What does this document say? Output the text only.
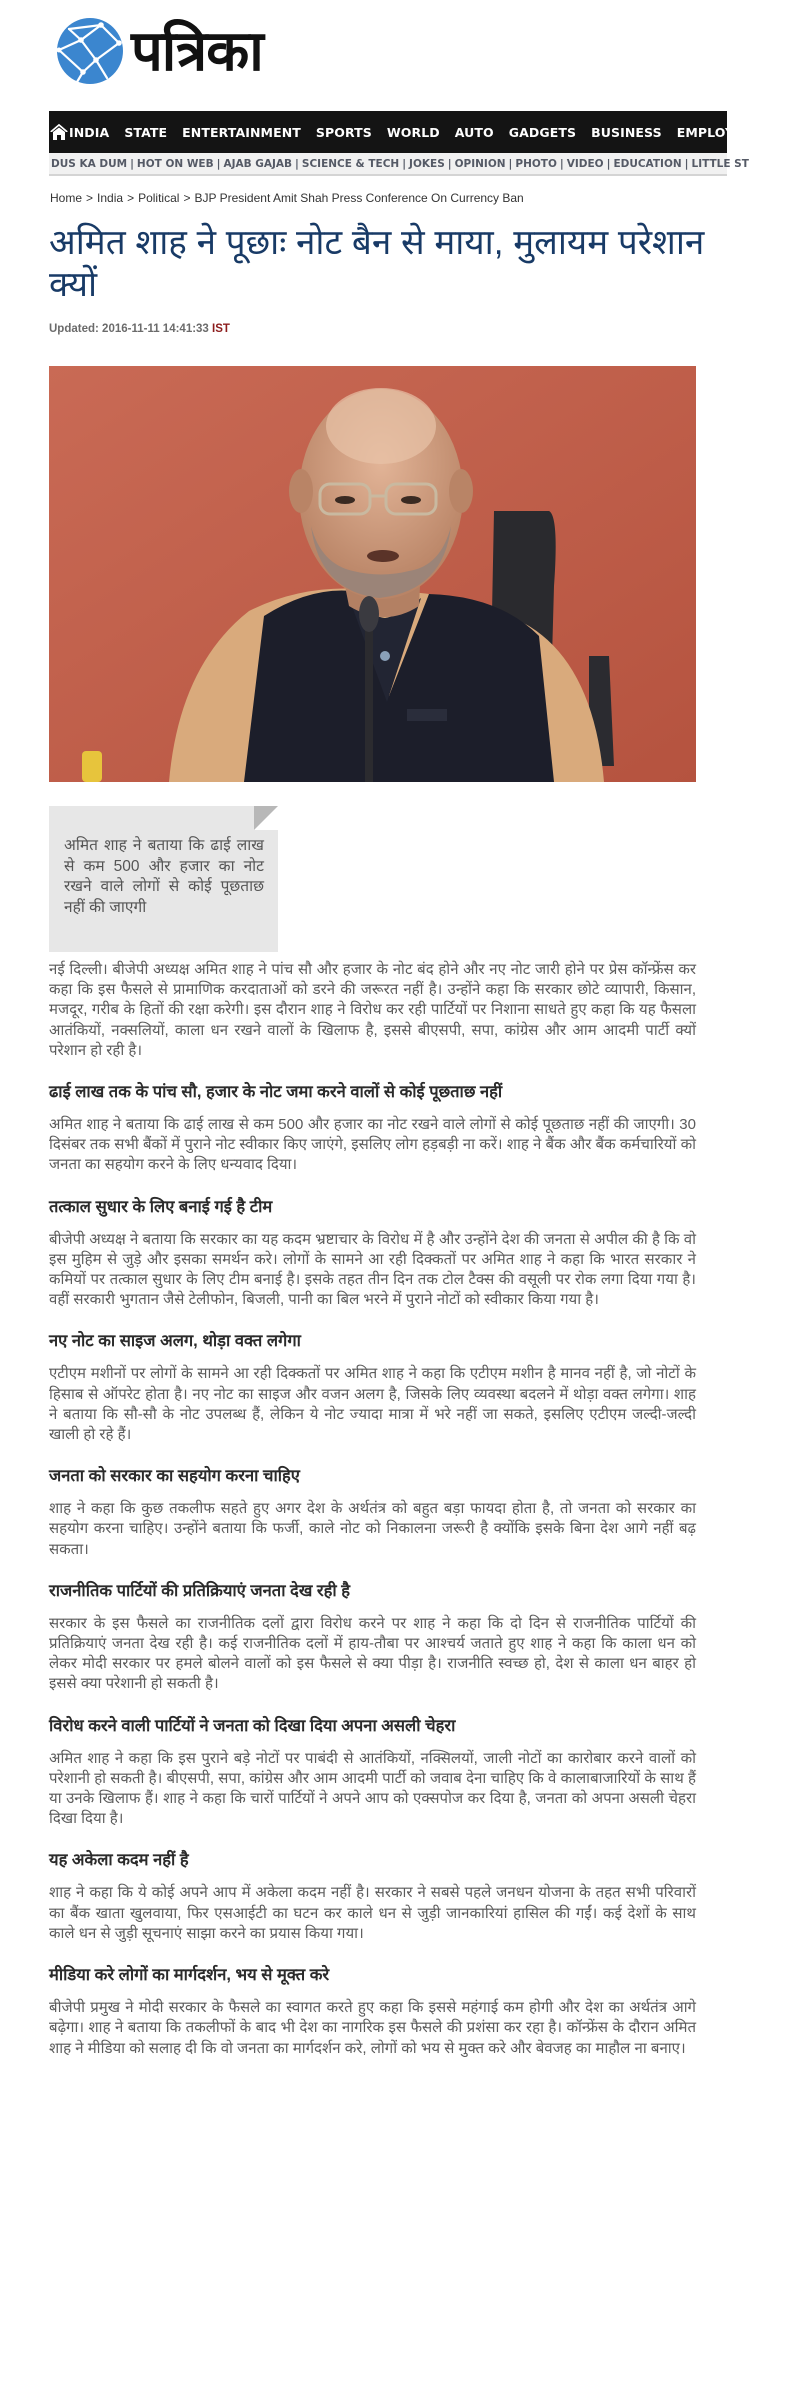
पत्रिका
INDIA STATE ENTERTAINMENT SPORTS WORLD AUTO GADGETS BUSINESS EMPLOYEE
DUS KA DUM | HOT ON WEB | AJAB GAJAB | SCIENCE & TECH | JOKES | OPINION | PHOTO | VIDEO | EDUCATION | LITTLE ST
Home > India > Political > BJP President Amit Shah Press Conference On Currency Ban
अमित शाह ने पूछाः नोट बैन से माया, मुलायम परेशान क्यों
Updated: 2016-11-11 14:41:33 IST

अमित शाह ने बताया कि ढाई लाख से कम 500 और हजार का नोट रखने वाले लोगों से कोई पूछताछ नहीं की जाएगी

नई दिल्ली। बीजेपी अध्यक्ष अमित शाह ने पांच सौ और हजार के नोट बंद होने और नए नोट जारी होने पर प्रेस कॉन्फ्रेंस कर कहा कि इस फैसले से प्रामाणिक करदाताओं को डरने की जरूरत नहीं है। उन्होंने कहा कि सरकार छोटे व्यापारी, किसान, मजदूर, गरीब के हितों की रक्षा करेगी। इस दौरान शाह ने विरोध कर रही पार्टियों पर निशाना साधते हुए कहा कि यह फैसला आतंकियों, नक्सलियों, काला धन रखने वालों के खिलाफ है, इससे बीएसपी, सपा, कांग्रेस और आम आदमी पार्टी क्यों परेशान हो रही है।

ढाई लाख तक के पांच सौ, हजार के नोट जमा करने वालों से कोई पूछताछ नहीं

अमित शाह ने बताया कि ढाई लाख से कम 500 और हजार का नोट रखने वाले लोगों से कोई पूछताछ नहीं की जाएगी। 30 दिसंबर तक सभी बैंकों में पुराने नोट स्वीकार किए जाएंगे, इसलिए लोग हड़बड़ी ना करें। शाह ने बैंक और बैंक कर्मचारियों को जनता का सहयोग करने के लिए धन्यवाद दिया।

तत्काल सुधार के लिए बनाई गई है टीम

बीजेपी अध्यक्ष ने बताया कि सरकार का यह कदम भ्रष्टाचार के विरोध में है और उन्होंने देश की जनता से अपील की है कि वो इस मुहिम से जुड़े और इसका समर्थन करे। लोगों के सामने आ रही दिक्कतों पर अमित शाह ने कहा कि भारत सरकार ने कमियों पर तत्काल सुधार के लिए टीम बनाई है। इसके तहत तीन दिन तक टोल टैक्स की वसूली पर रोक लगा दिया गया है। वहीं सरकारी भुगतान जैसे टेलीफोन, बिजली, पानी का बिल भरने में पुराने नोटों को स्वीकार किया गया है।

नए नोट का साइज अलग, थोड़ा वक्त लगेगा

एटीएम मशीनों पर लोगों के सामने आ रही दिक्कतों पर अमित शाह ने कहा कि एटीएम मशीन है मानव नहीं है, जो नोटों के हिसाब से ऑपरेट होता है। नए नोट का साइज और वजन अलग है, जिसके लिए व्यवस्था बदलने में थोड़ा वक्त लगेगा। शाह ने बताया कि सौ-सौ के नोट उपलब्ध हैं, लेकिन ये नोट ज्यादा मात्रा में भरे नहीं जा सकते, इसलिए एटीएम जल्दी-जल्दी खाली हो रहे हैं।

जनता को सरकार का सहयोग करना चाहिए

शाह ने कहा कि कुछ तकलीफ सहते हुए अगर देश के अर्थतंत्र को बहुत बड़ा फायदा होता है, तो जनता को सरकार का सहयोग करना चाहिए। उन्होंने बताया कि फर्जी, काले नोट को निकालना जरूरी है क्योंकि इसके बिना देश आगे नहीं बढ़ सकता।

राजनीतिक पार्टियों की प्रतिक्रियाएं जनता देख रही है

सरकार के इस फैसले का राजनीतिक दलों द्वारा विरोध करने पर शाह ने कहा कि दो दिन से राजनीतिक पार्टियों की प्रतिक्रियाएं जनता देख रही है। कई राजनीतिक दलों में हाय-तौबा पर आश्चर्य जताते हुए शाह ने कहा कि काला धन को लेकर मोदी सरकार पर हमले बोलने वालों को इस फैसले से क्या पीड़ा है। राजनीति स्वच्छ हो, देश से काला धन बाहर हो इससे क्या परेशानी हो सकती है।

विरोध करने वाली पार्टियों ने जनता को दिखा दिया अपना असली चेहरा

अमित शाह ने कहा कि इस पुराने बड़े नोटों पर पाबंदी से आतंकियों, नक्सिलयों, जाली नोटों का कारोबार करने वालों को परेशानी हो सकती है। बीएसपी, सपा, कांग्रेस और आम आदमी पार्टी को जवाब देना चाहिए कि वे कालाबाजारियों के साथ हैं या उनके खिलाफ हैं। शाह ने कहा कि चारों पार्टियों ने अपने आप को एक्सपोज कर दिया है, जनता को अपना असली चेहरा दिखा दिया है।

यह अकेला कदम नहीं है

शाह ने कहा कि ये कोई अपने आप में अकेला कदम नहीं है। सरकार ने सबसे पहले जनधन योजना के तहत सभी परिवारों का बैंक खाता खुलवाया, फिर एसआईटी का घटन कर काले धन से जुड़ी जानकारियां हासिल की गईं। कई देशों के साथ काले धन से जुड़ी सूचनाएं साझा करने का प्रयास किया गया।

मीडिया करे लोगों का मार्गदर्शन, भय से मूक्त करे

बीजेपी प्रमुख ने मोदी सरकार के फैसले का स्वागत करते हुए कहा कि इससे महंगाई कम होगी और देश का अर्थतंत्र आगे बढ़ेगा। शाह ने बताया कि तकलीफों के बाद भी देश का नागरिक इस फैसले की प्रशंसा कर रहा है। कॉन्फ्रेंस के दौरान अमित शाह ने मीडिया को सलाह दी कि वो जनता का मार्गदर्शन करे, लोगों को भय से मुक्त करे और बेवजह का माहौल ना बनाए।
